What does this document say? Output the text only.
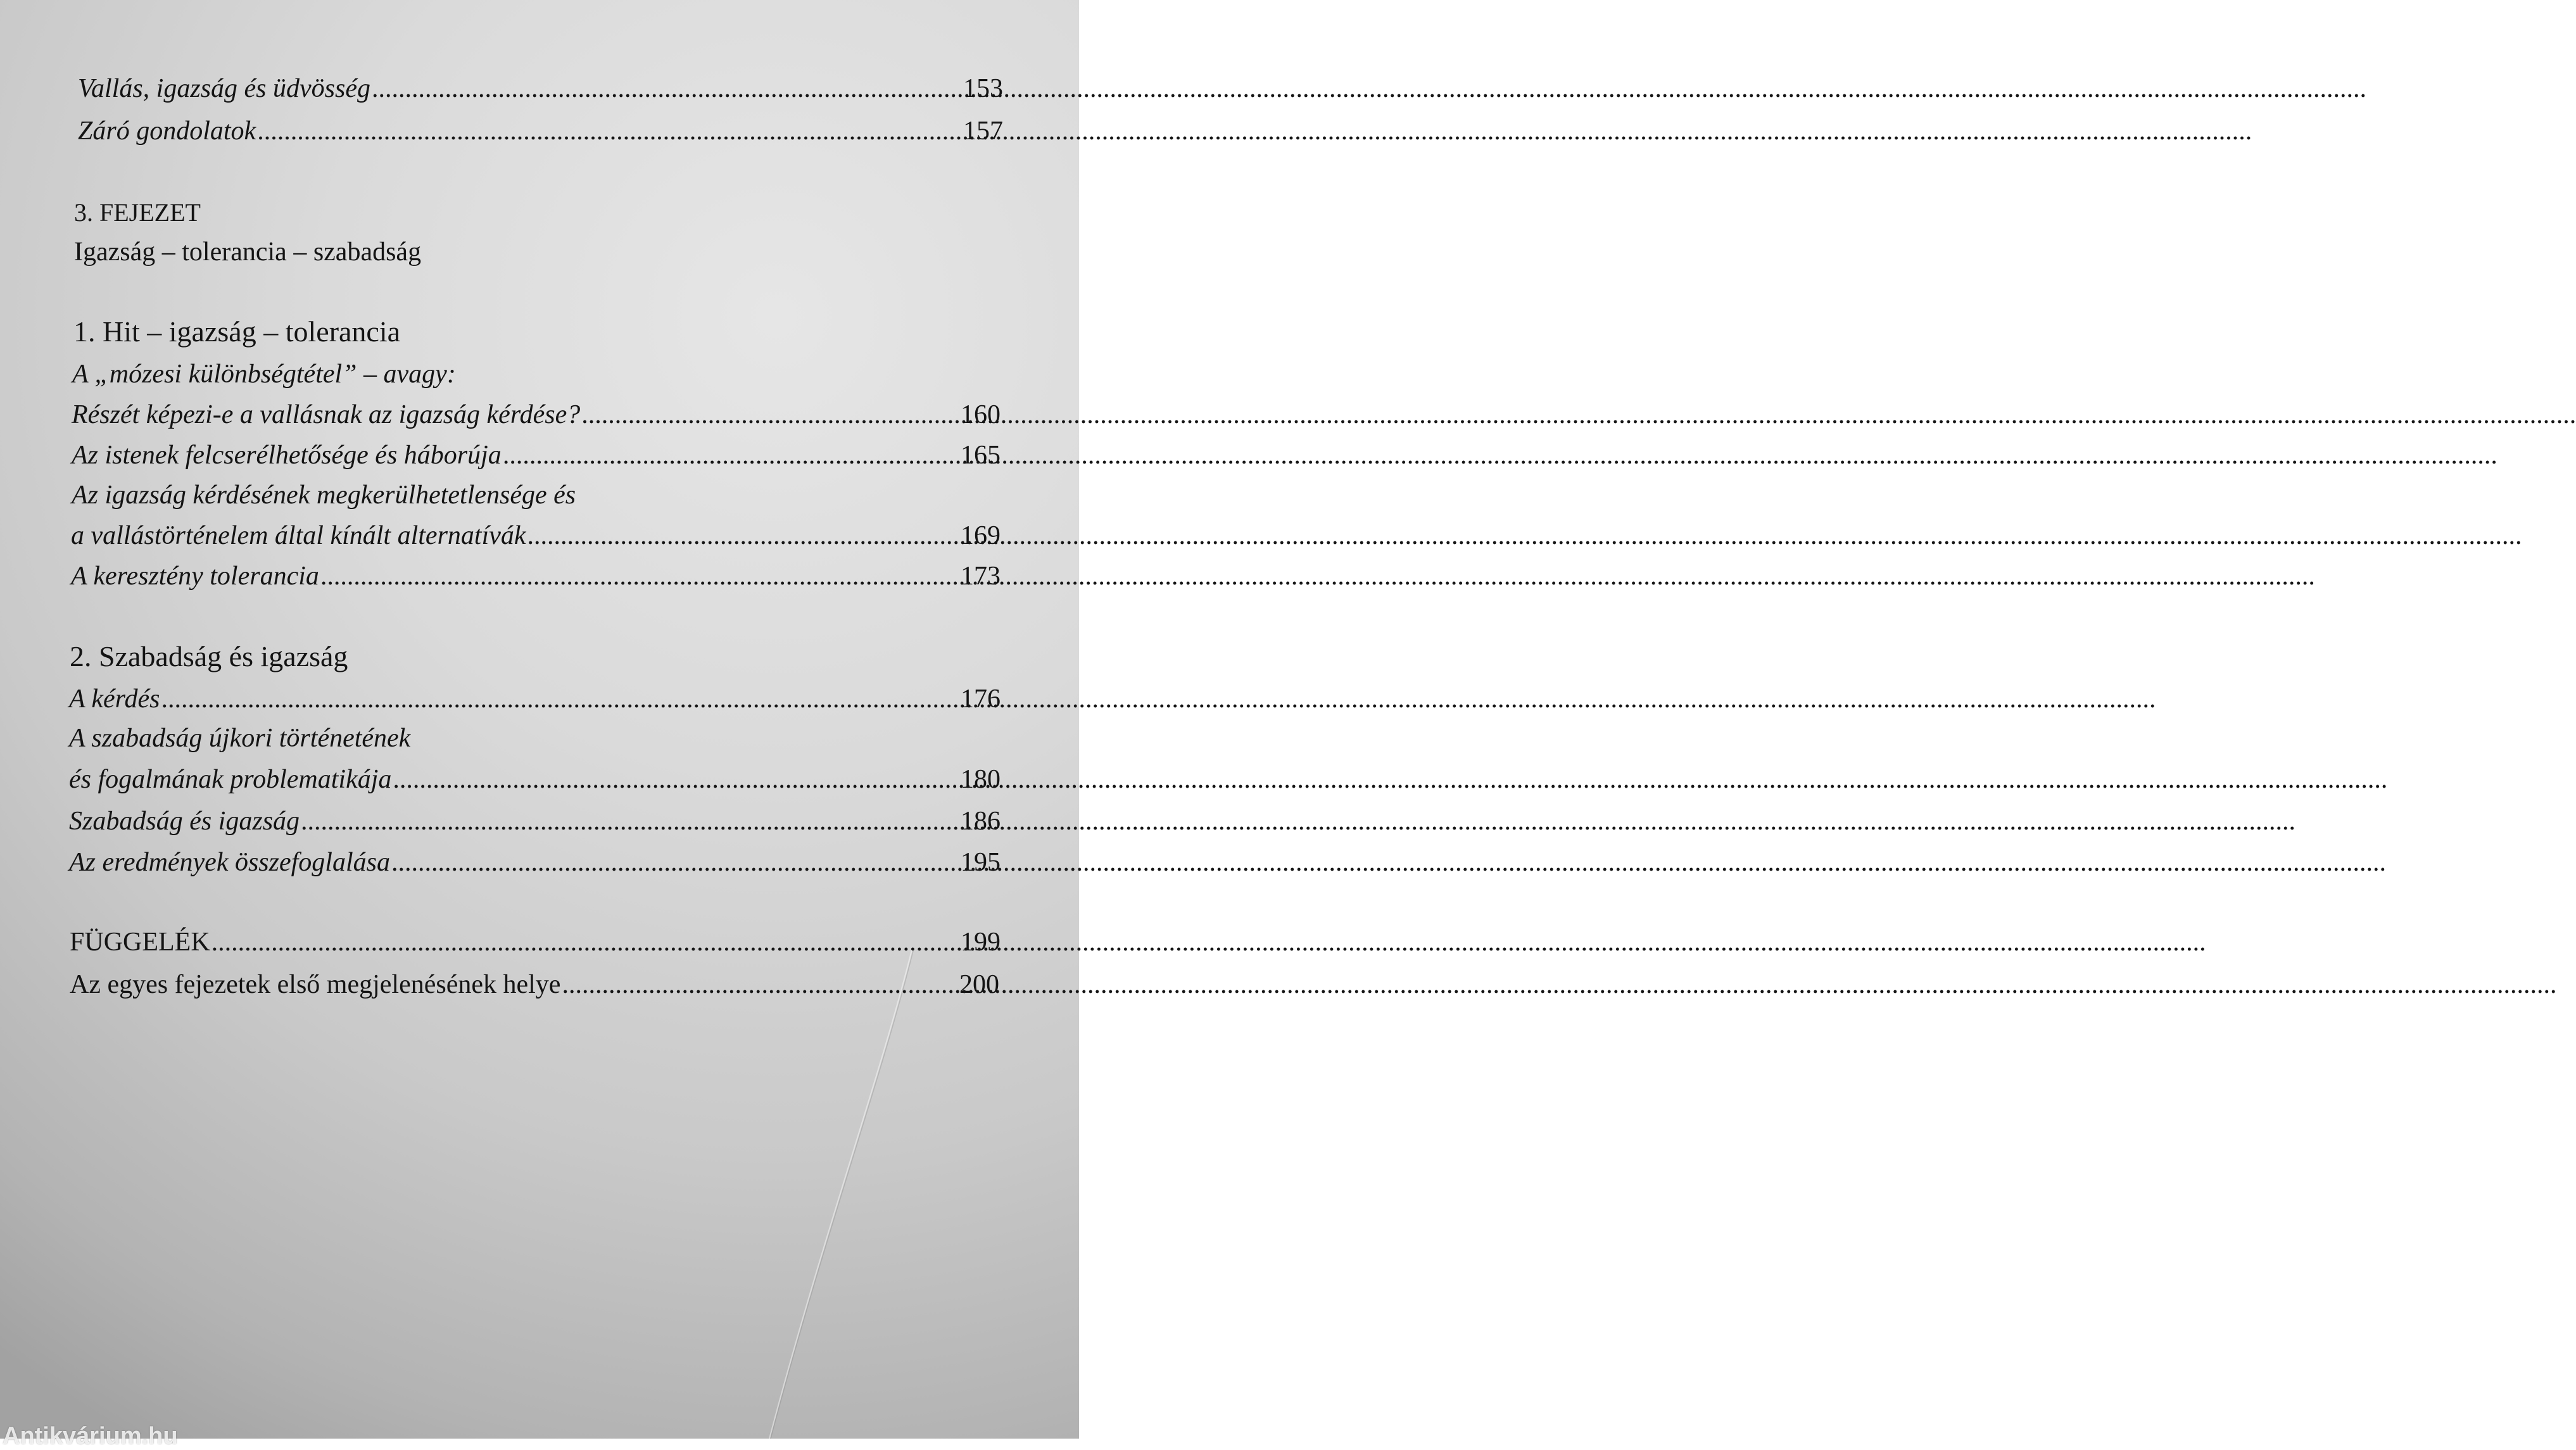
Vallás, igazság és üdvösség .....	153
Záró gondolatok .....	157
3. FEJEZET
Igazság – tolerancia – szabadság
1. Hit – igazság – tolerancia
A „mózesi különbségtétel” – avagy:
Részét képezi-e a vallásnak az igazság kérdése? .....	160
Az istenek felcserélhetősége és háborúja .....	165
Az igazság kérdésének megkerülhetetlensége és
a vallástörténelem által kínált alternatívák .....	169
A keresztény tolerancia .....	173
2. Szabadság és igazság
A kérdés .....	176
A szabadság újkori történetének
és fogalmának problematikája .....	180
Szabadság és igazság .....	186
Az eredmények összefoglalása .....	195
FÜGGELÉK .....	199
Az egyes fejezetek első megjelenésének helye .....	200
Antikvárium.hu
